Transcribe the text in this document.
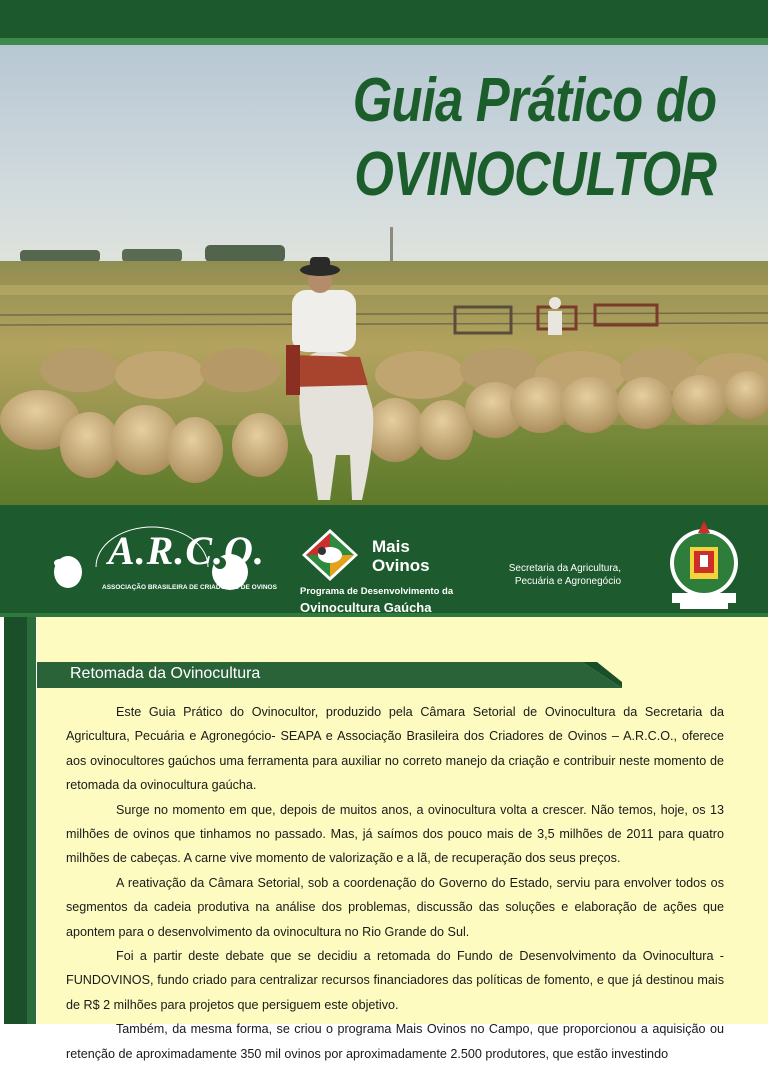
Guia Prático do
OVINOCULTOR
A.R.C.O.
ASSOCIAÇÃO BRASILEIRA DE CRIADORES DE OVINOS
Mais
Ovinos
Programa de Desenvolvimento da
Ovinocultura Gaúcha
Secretaria da Agricultura,
Pecuária e Agronegócio
Retomada da Ovinocultura

Este Guia Prático do Ovinocultor, produzido pela Câmara Setorial de Ovinocultura da Secretaria da Agricultura, Pecuária e Agronegócio- SEAPA e Associação Brasileira dos Criadores de Ovinos – A.R.C.O., oferece aos ovinocultores gaúchos uma ferramenta para auxiliar no correto manejo da criação e contribuir neste momento de retomada da ovinocultura gaúcha.

Surge no momento em que, depois de muitos anos, a ovinocultura volta a crescer. Não temos, hoje, os 13 milhões de ovinos que tinhamos no passado. Mas, já saímos dos pouco mais de 3,5 milhões de 2011 para quatro milhões de cabeças. A carne vive momento de valorização e a lã, de recuperação dos seus preços.

A reativação da Câmara Setorial, sob a coordenação do Governo do Estado, serviu para envolver todos os segmentos da cadeia produtiva na análise dos problemas, discussão das soluções e elaboração de ações que apontem para o desenvolvimento da ovinocultura no Rio Grande do Sul.

Foi a partir deste debate que se decidiu a retomada do Fundo de Desenvolvimento da Ovinocultura - FUNDOVINOS, fundo criado para centralizar recursos financiadores das políticas de fomento, e que já destinou mais de R$ 2 milhões para projetos que persiguem este objetivo.

Também, da mesma forma, se criou o programa Mais Ovinos no Campo, que proporcionou a aquisição ou retenção de aproximadamente 350 mil ovinos por aproximadamente 2.500 produtores, que estão investindo
